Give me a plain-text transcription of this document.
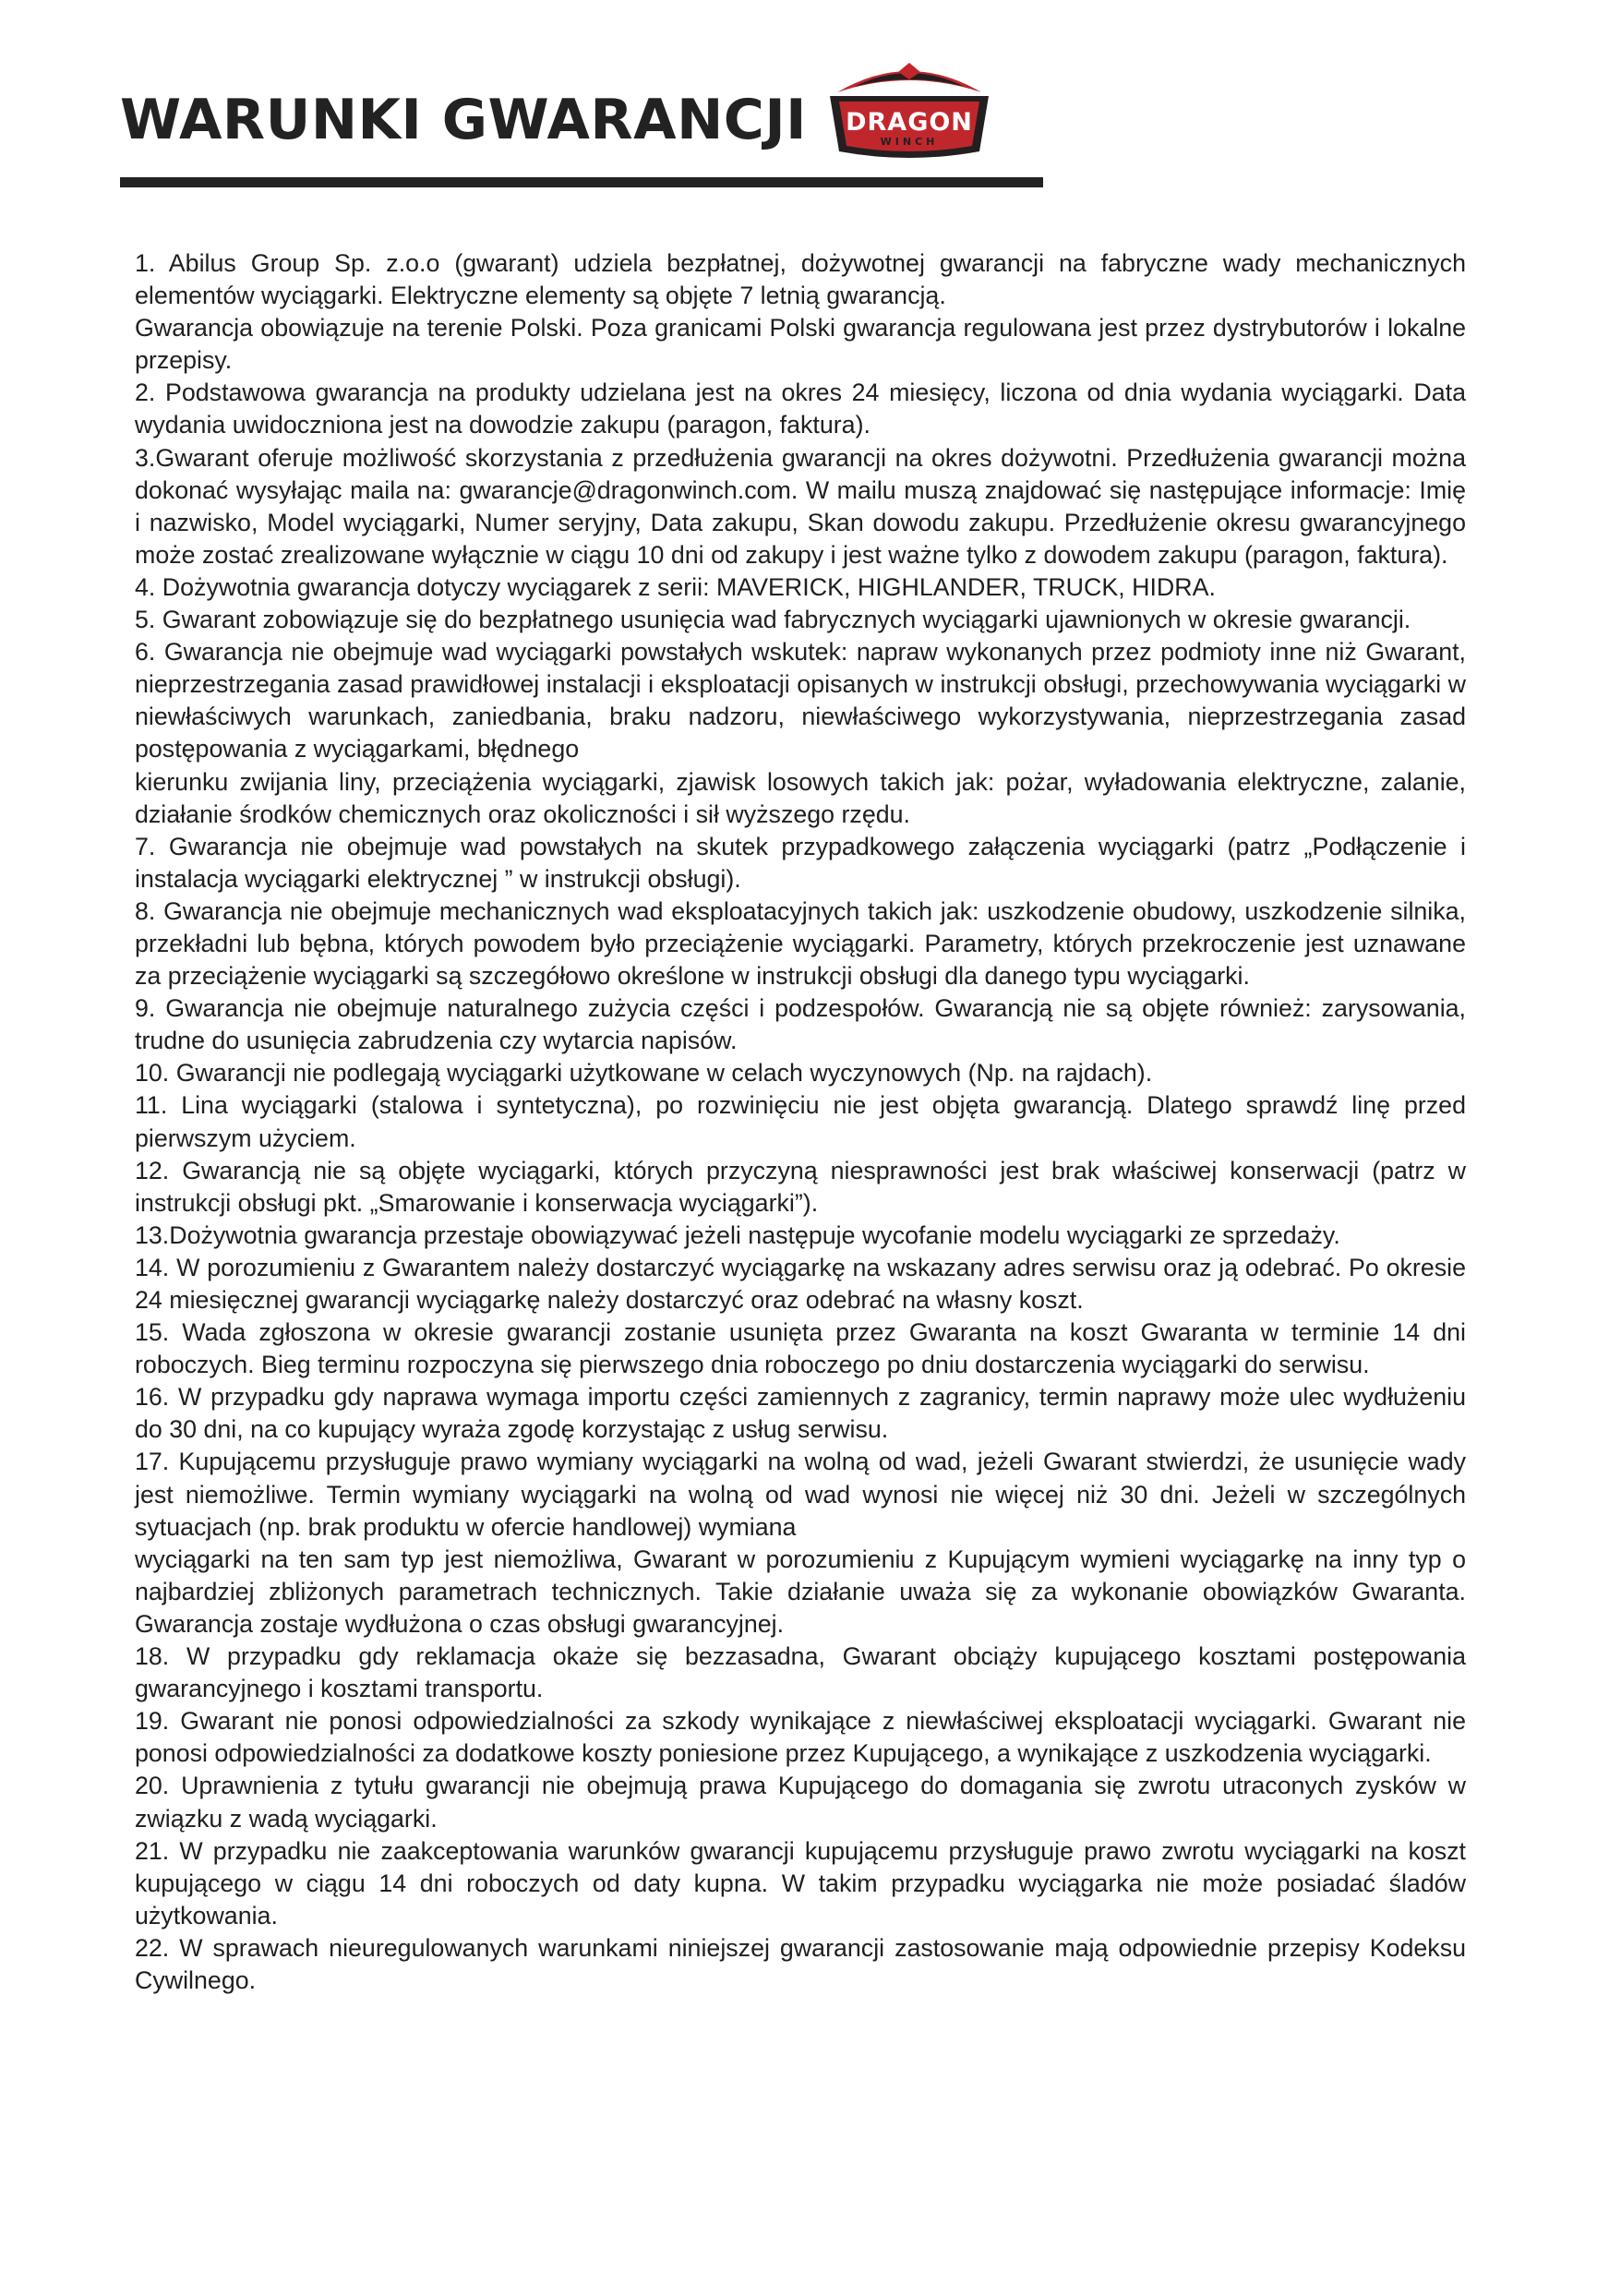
WARUNKI GWARANCJI DRAGON
WINCH

1. Abilus Group Sp. z.o.o (gwarant) udziela bezpłatnej, dożywotnej gwarancji na fabryczne wady mechanicznych elementów wyciągarki. Elektryczne elementy są objęte 7 letnią gwarancją.

Gwarancja obowiązuje na terenie Polski. Poza granicami Polski gwarancja regulowana jest przez dystrybutorów i lokalne przepisy.

2. Podstawowa gwarancja na produkty udzielana jest na okres 24 miesięcy, liczona od dnia wydania wyciągarki. Data wydania uwidoczniona jest na dowodzie zakupu (paragon, faktura).

3.Gwarant oferuje możliwość skorzystania z przedłużenia gwarancji na okres dożywotni. Przedłużenia gwarancji można dokonać wysyłając maila na: gwarancje@dragonwinch.com. W mailu muszą znajdować się następujące informacje: Imię i nazwisko, Model wyciągarki, Numer seryjny, Data zakupu, Skan dowodu zakupu. Przedłużenie okresu gwarancyjnego może zostać zrealizowane wyłącznie w ciągu 10 dni od zakupy i jest ważne tylko z dowodem zakupu (paragon, faktura).

4. Dożywotnia gwarancja dotyczy wyciągarek z serii: MAVERICK, HIGHLANDER, TRUCK, HIDRA.

5. Gwarant zobowiązuje się do bezpłatnego usunięcia wad fabrycznych wyciągarki ujawnionych w okresie gwarancji.

6. Gwarancja nie obejmuje wad wyciągarki powstałych wskutek: napraw wykonanych przez podmioty inne niż Gwarant, nieprzestrzegania zasad prawidłowej instalacji i eksploatacji opisanych w instrukcji obsługi, przechowywania wyciągarki w niewłaściwych warunkach, zaniedbania, braku nadzoru, niewłaściwego wykorzystywania, nieprzestrzegania zasad postępowania z wyciągarkami, błędnego

kierunku zwijania liny, przeciążenia wyciągarki, zjawisk losowych takich jak: pożar, wyładowania elektryczne, zalanie, działanie środków chemicznych oraz okoliczności i sił wyższego rzędu.

7. Gwarancja nie obejmuje wad powstałych na skutek przypadkowego załączenia wyciągarki (patrz „Podłączenie i instalacja wyciągarki elektrycznej ” w instrukcji obsługi).

8. Gwarancja nie obejmuje mechanicznych wad eksploatacyjnych takich jak: uszkodzenie obudowy, uszkodzenie silnika, przekładni lub bębna, których powodem było przeciążenie wyciągarki. Parametry, których przekroczenie jest uznawane za przeciążenie wyciągarki są szczegółowo określone w instrukcji obsługi dla danego typu wyciągarki.

9. Gwarancja nie obejmuje naturalnego zużycia części i podzespołów. Gwarancją nie są objęte również: zarysowania, trudne do usunięcia zabrudzenia czy wytarcia napisów.

10. Gwarancji nie podlegają wyciągarki użytkowane w celach wyczynowych (Np. na rajdach).

11. Lina wyciągarki (stalowa i syntetyczna), po rozwinięciu nie jest objęta gwarancją. Dlatego sprawdź linę przed pierwszym użyciem.

12. Gwarancją nie są objęte wyciągarki, których przyczyną niesprawności jest brak właściwej konserwacji (patrz w instrukcji obsługi pkt. „Smarowanie i konserwacja wyciągarki”).

13.Dożywotnia gwarancja przestaje obowiązywać jeżeli następuje wycofanie modelu wyciągarki ze sprzedaży.

14. W porozumieniu z Gwarantem należy dostarczyć wyciągarkę na wskazany adres serwisu oraz ją odebrać. Po okresie 24 miesięcznej gwarancji wyciągarkę należy dostarczyć oraz odebrać na własny koszt.

15. Wada zgłoszona w okresie gwarancji zostanie usunięta przez Gwaranta na koszt Gwaranta w terminie 14 dni roboczych. Bieg terminu rozpoczyna się pierwszego dnia roboczego po dniu dostarczenia wyciągarki do serwisu.

16. W przypadku gdy naprawa wymaga importu części zamiennych z zagranicy, termin naprawy może ulec wydłużeniu do 30 dni, na co kupujący wyraża zgodę korzystając z usług serwisu.

17. Kupującemu przysługuje prawo wymiany wyciągarki na wolną od wad, jeżeli Gwarant stwierdzi, że usunięcie wady jest niemożliwe. Termin wymiany wyciągarki na wolną od wad wynosi nie więcej niż 30 dni. Jeżeli w szczególnych sytuacjach (np. brak produktu w ofercie handlowej) wymiana

wyciągarki na ten sam typ jest niemożliwa, Gwarant w porozumieniu z Kupującym wymieni wyciągarkę na inny typ o najbardziej zbliżonych parametrach technicznych. Takie działanie uważa się za wykonanie obowiązków Gwaranta. Gwarancja zostaje wydłużona o czas obsługi gwarancyjnej.

18. W przypadku gdy reklamacja okaże się bezzasadna, Gwarant obciąży kupującego kosztami postępowania gwarancyjnego i kosztami transportu.

19. Gwarant nie ponosi odpowiedzialności za szkody wynikające z niewłaściwej eksploatacji wyciągarki. Gwarant nie ponosi odpowiedzialności za dodatkowe koszty poniesione przez Kupującego, a wynikające z uszkodzenia wyciągarki.

20. Uprawnienia z tytułu gwarancji nie obejmują prawa Kupującego do domagania się zwrotu utraconych zysków w związku z wadą wyciągarki.

21. W przypadku nie zaakceptowania warunków gwarancji kupującemu przysługuje prawo zwrotu wyciągarki na koszt kupującego w ciągu 14 dni roboczych od daty kupna. W takim przypadku wyciągarka nie może posiadać śladów użytkowania.

22. W sprawach nieuregulowanych warunkami niniejszej gwarancji zastosowanie mają odpowiednie przepisy Kodeksu Cywilnego.
